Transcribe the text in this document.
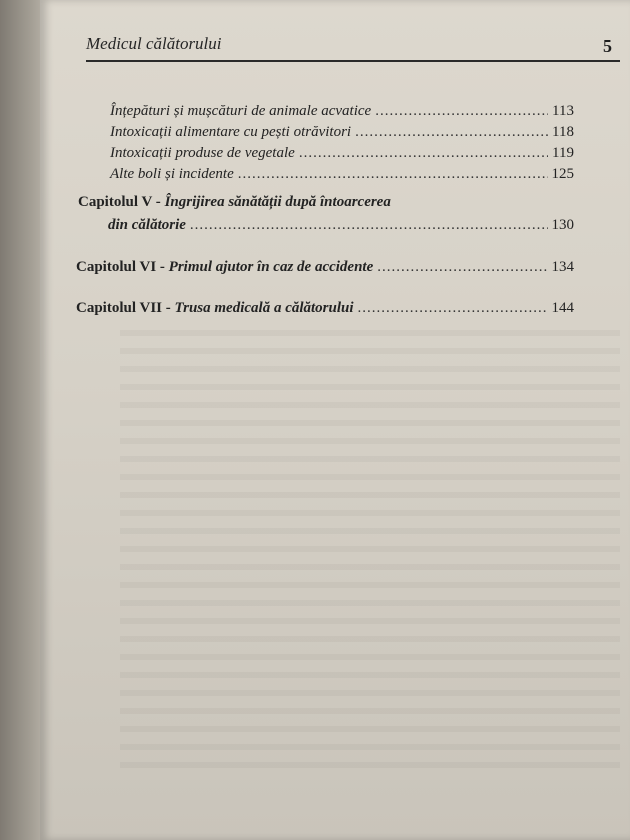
Medicul călătorului	5
Înțepături și mușcături de animale acvatice .....	113
Intoxicații alimentare cu pești otrăvitori .....	118
Intoxicații produse de vegetale .....	119
Alte boli și incidente .....	125
Capitolul V - Îngrijirea sănătății după întoarcerea
din călătorie .....	130
Capitolul VI - Primul ajutor în caz de accidente .....	134
Capitolul VII - Trusa medicală a călătorului .....	144
